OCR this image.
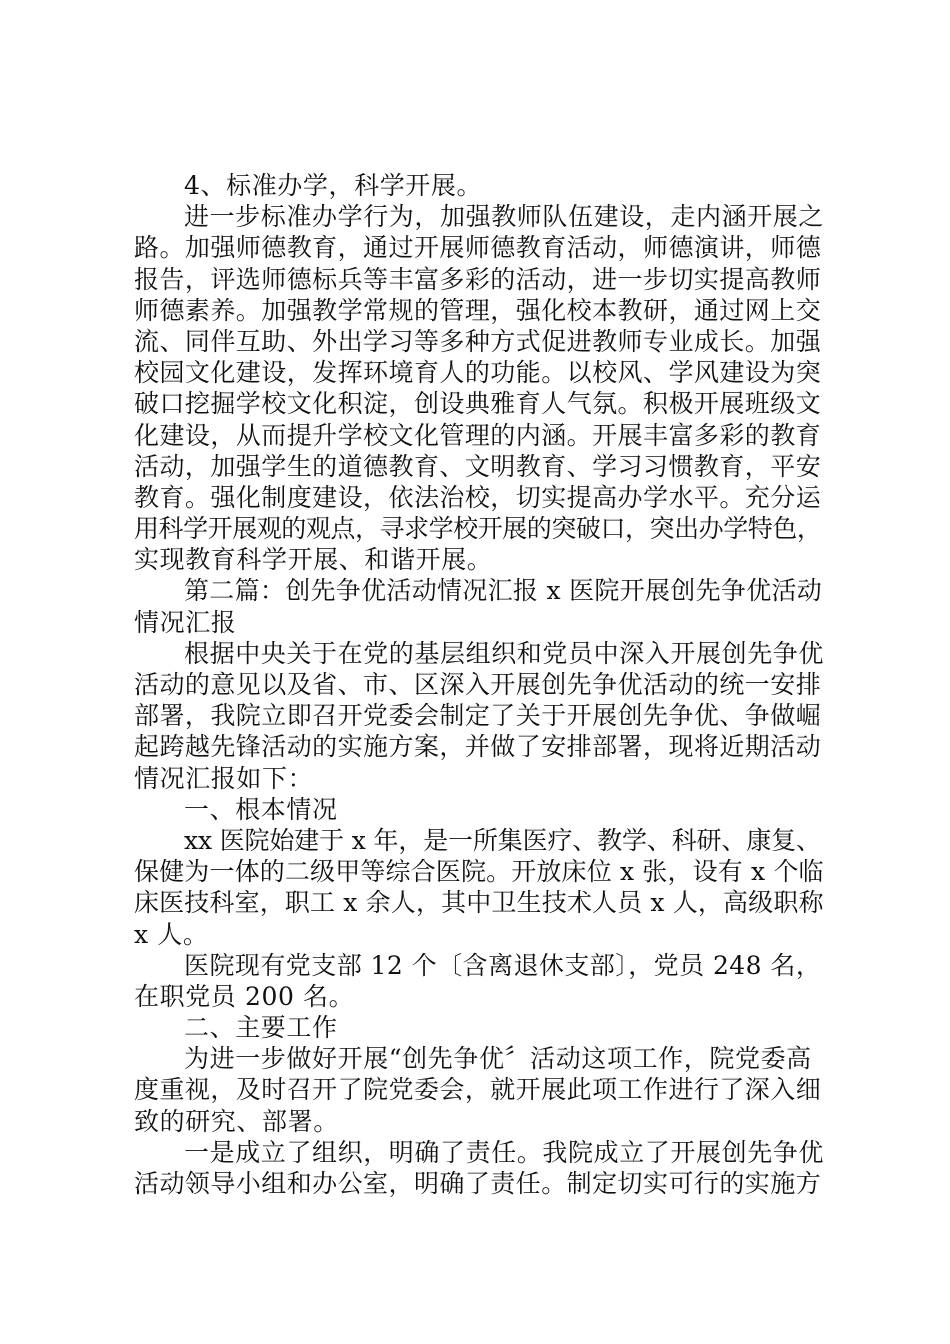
4、标准办学，科学开展。
进一步标准办学行为，加强教师队伍建设，走内涵开展之
路。加强师德教育，通过开展师德教育活动，师德演讲，师德
报告，评选师德标兵等丰富多彩的活动，进一步切实提高教师
师德素养。加强教学常规的管理，强化校本教研，通过网上交
流、同伴互助、外出学习等多种方式促进教师专业成长。加强
校园文化建设，发挥环境育人的功能。以校风、学风建设为突
破口挖掘学校文化积淀，创设典雅育人气氛。积极开展班级文
化建设，从而提升学校文化管理的内涵。开展丰富多彩的教育
活动，加强学生的道德教育、文明教育、学习习惯教育，平安
教育。强化制度建设，依法治校，切实提高办学水平。充分运
用科学开展观的观点，寻求学校开展的突破口，突出办学特色，
实现教育科学开展、和谐开展。
第二篇：创先争优活动情况汇报 x 医院开展创先争优活动
情况汇报
根据中央关于在党的基层组织和党员中深入开展创先争优
活动的意见以及省、市、区深入开展创先争优活动的统一安排
部署，我院立即召开党委会制定了关于开展创先争优、争做崛
起跨越先锋活动的实施方案，并做了安排部署，现将近期活动
情况汇报如下：
一、根本情况
xx 医院始建于 x 年，是一所集医疗、教学、科研、康复、
保健为一体的二级甲等综合医院。开放床位 x 张，设有 x 个临
床医技科室，职工 x 余人，其中卫生技术人员 x 人，高级职称
x 人。
医院现有党支部 12 个〔含离退休支部〕，党员 248 名，
在职党员 200 名。
二、主要工作
为进一步做好开展“创先争优〞活动这项工作，院党委高
度重视，及时召开了院党委会，就开展此项工作进行了深入细
致的研究、部署。
一是成立了组织，明确了责任。我院成立了开展创先争优
活动领导小组和办公室，明确了责任。制定切实可行的实施方
